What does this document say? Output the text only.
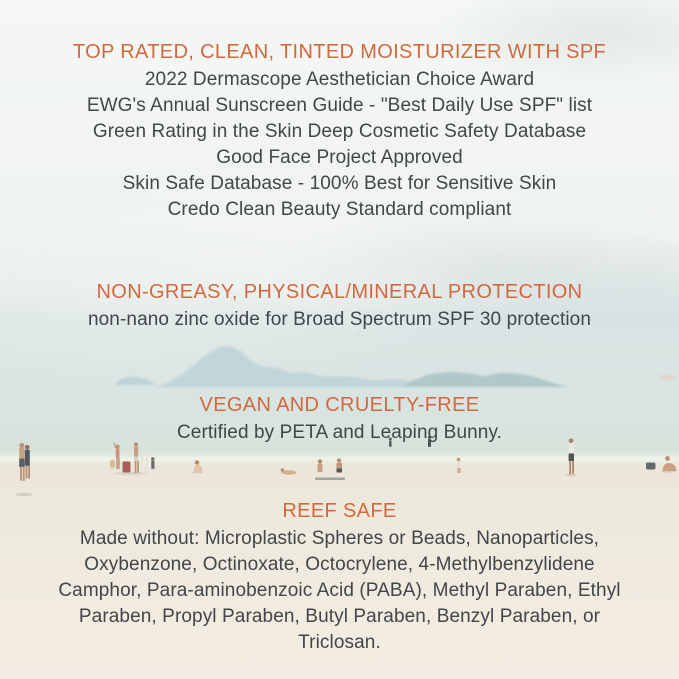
TOP RATED, CLEAN, TINTED MOISTURIZER WITH SPF
2022 Dermascope Aesthetician Choice Award
EWG's Annual Sunscreen Guide - "Best Daily Use SPF" list
Green Rating in the Skin Deep Cosmetic Safety Database
Good Face Project Approved
Skin Safe Database - 100% Best for Sensitive Skin
Credo Clean Beauty Standard compliant
NON-GREASY, PHYSICAL/MINERAL PROTECTION
non-nano zinc oxide for Broad Spectrum SPF 30 protection
VEGAN AND CRUELTY-FREE
Certified by PETA and Leaping Bunny.
REEF SAFE
Made without: Microplastic Spheres or Beads, Nanoparticles,
Oxybenzone, Octinoxate, Octocrylene, 4-Methylbenzylidene
Camphor, Para-aminobenzoic Acid (PABA), Methyl Paraben, Ethyl
Paraben, Propyl Paraben, Butyl Paraben, Benzyl Paraben, or
Triclosan.
